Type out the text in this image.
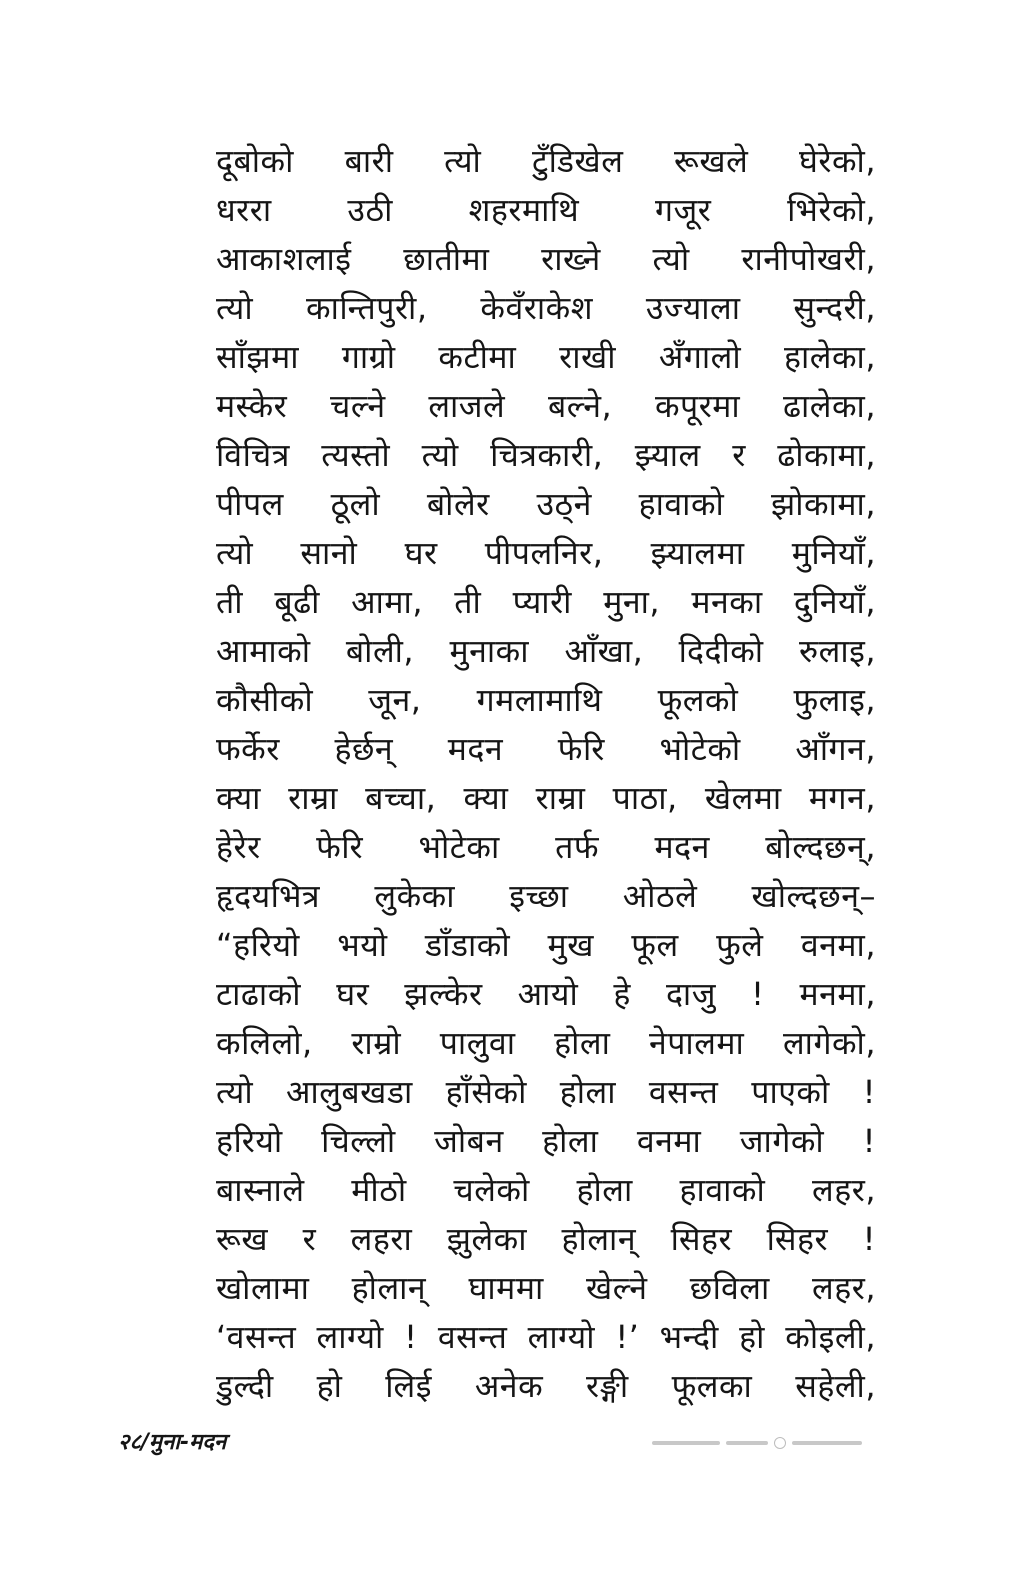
दूबोको बारी त्यो टुँडिखेल रूखले घेरेको,
धररा उठी शहरमाथि गजूर भिरेको,
आकाशलाई छातीमा राख्ने त्यो रानीपोखरी,
त्यो कान्तिपुरी, केवँराकेश उज्याला सुन्दरी,
साँझमा गाग्रो कटीमा राखी अँगालो हालेका,
मस्केर चल्ने लाजले बल्ने, कपूरमा ढालेका,
विचित्र त्यस्तो त्यो चित्रकारी, झ्याल र ढोकामा,
पीपल ठूलो बोलेर उठ्ने हावाको झोकामा,
त्यो सानो घर पीपलनिर, झ्यालमा मुनियाँ,
ती बूढी आमा, ती प्यारी मुना, मनका दुनियाँ,
आमाको बोली, मुनाका आँखा, दिदीको रुलाइ,
कौसीको जून, गमलामाथि फूलको फुलाइ,
फर्केर हेर्छन् मदन फेरि भोटेको आँगन,
क्या राम्रा बच्चा, क्या राम्रा पाठा, खेलमा मगन,
हेरेर फेरि भोटेका तर्फ मदन बोल्दछन्,
हृदयभित्र लुकेका इच्छा ओठले खोल्दछन्–
“हरियो भयो डाँडाको मुख फूल फुले वनमा,
टाढाको घर झल्केर आयो हे दाजु ! मनमा,
कलिलो, राम्रो पालुवा होला नेपालमा लागेको,
त्यो आलुबखडा हाँसेको होला वसन्त पाएको !
हरियो चिल्लो जोबन होला वनमा जागेको !
बास्नाले मीठो चलेको होला हावाको लहर,
रूख र लहरा झुलेका होलान् सिहर सिहर !
खोलामा होलान् घाममा खेल्ने छविला लहर,
‘वसन्त लाग्यो ! वसन्त लाग्यो !’ भन्दी हो कोइली,
डुल्दी हो लिई अनेक रङ्गी फूलका सहेली,
२८/मुना-मदन
